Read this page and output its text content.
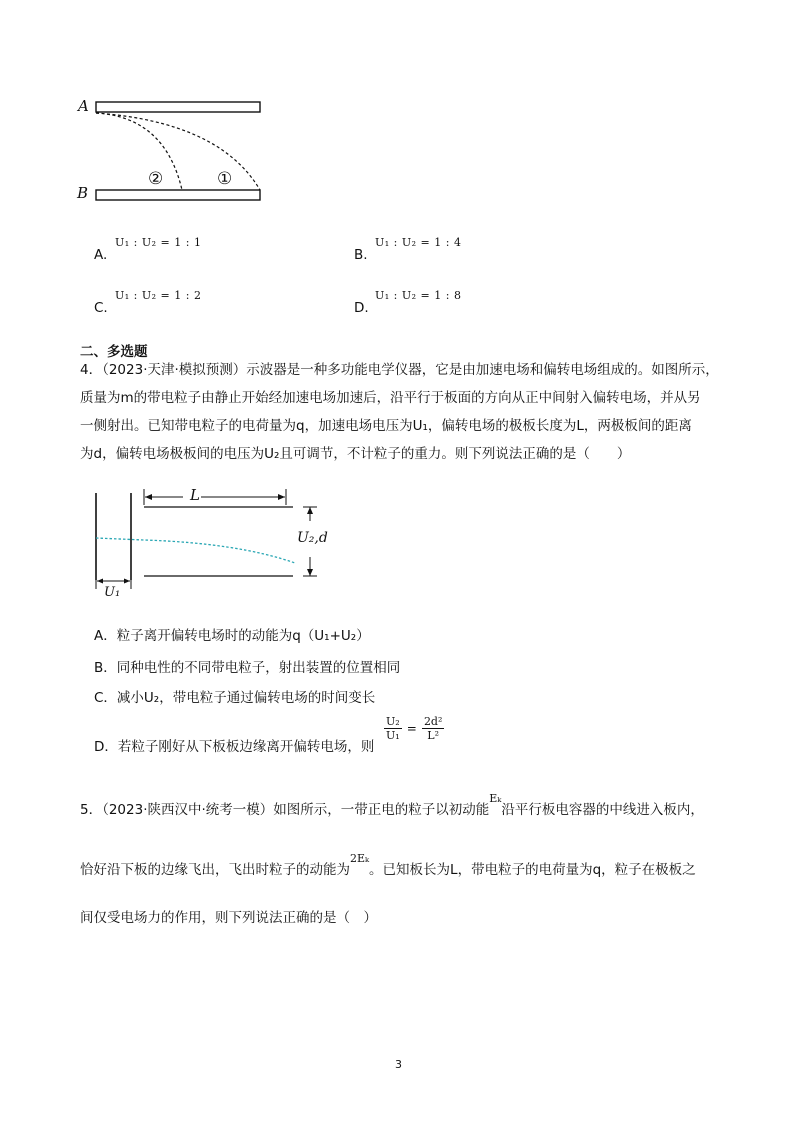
A
B
②	①
A.
U₁ : U₂ = 1 : 1
B.
U₁ : U₂ = 1 : 4
C.
U₁ : U₂ = 1 : 2
D.
U₁ : U₂ = 1 : 8
二、多选题
4．（2023·天津·模拟预测）示波器是一种多功能电学仪器，它是由加速电场和偏转电场组成的。如图所示，
质量为m的带电粒子由静止开始经加速电场加速后，沿平行于板面的方向从正中间射入偏转电场，并从另
一侧射出。已知带电粒子的电荷量为q，加速电场电压为U₁，偏转电场的极板长度为L，两极板间的距离
为d，偏转电场极板间的电压为U₂且可调节，不计粒子的重力。则下列说法正确的是（　　）
L
U₂,d
U₁
A．粒子离开偏转电场时的动能为q（U₁+U₂）
B．同种电性的不同带电粒子，射出装置的位置相同
C．减小U₂，带电粒子通过偏转电场的时间变长
D．若粒子刚好从下板板边缘离开偏转电场，则
$\frac{\text{U₂}}{\text{U₁}} = \frac{\text{2d²}}{\text{L²}}$
5．（2023·陕西汉中·统考一模）如图所示，一带正电的粒子以初动能$^{E_k}$沿平行板电容器的中线进入板内，
恰好沿下板的边缘飞出，飞出时粒子的动能为$^{2E_k}$。已知板长为L，带电粒子的电荷量为q，粒子在极板之
间仅受电场力的作用，则下列说法正确的是（　）
3
